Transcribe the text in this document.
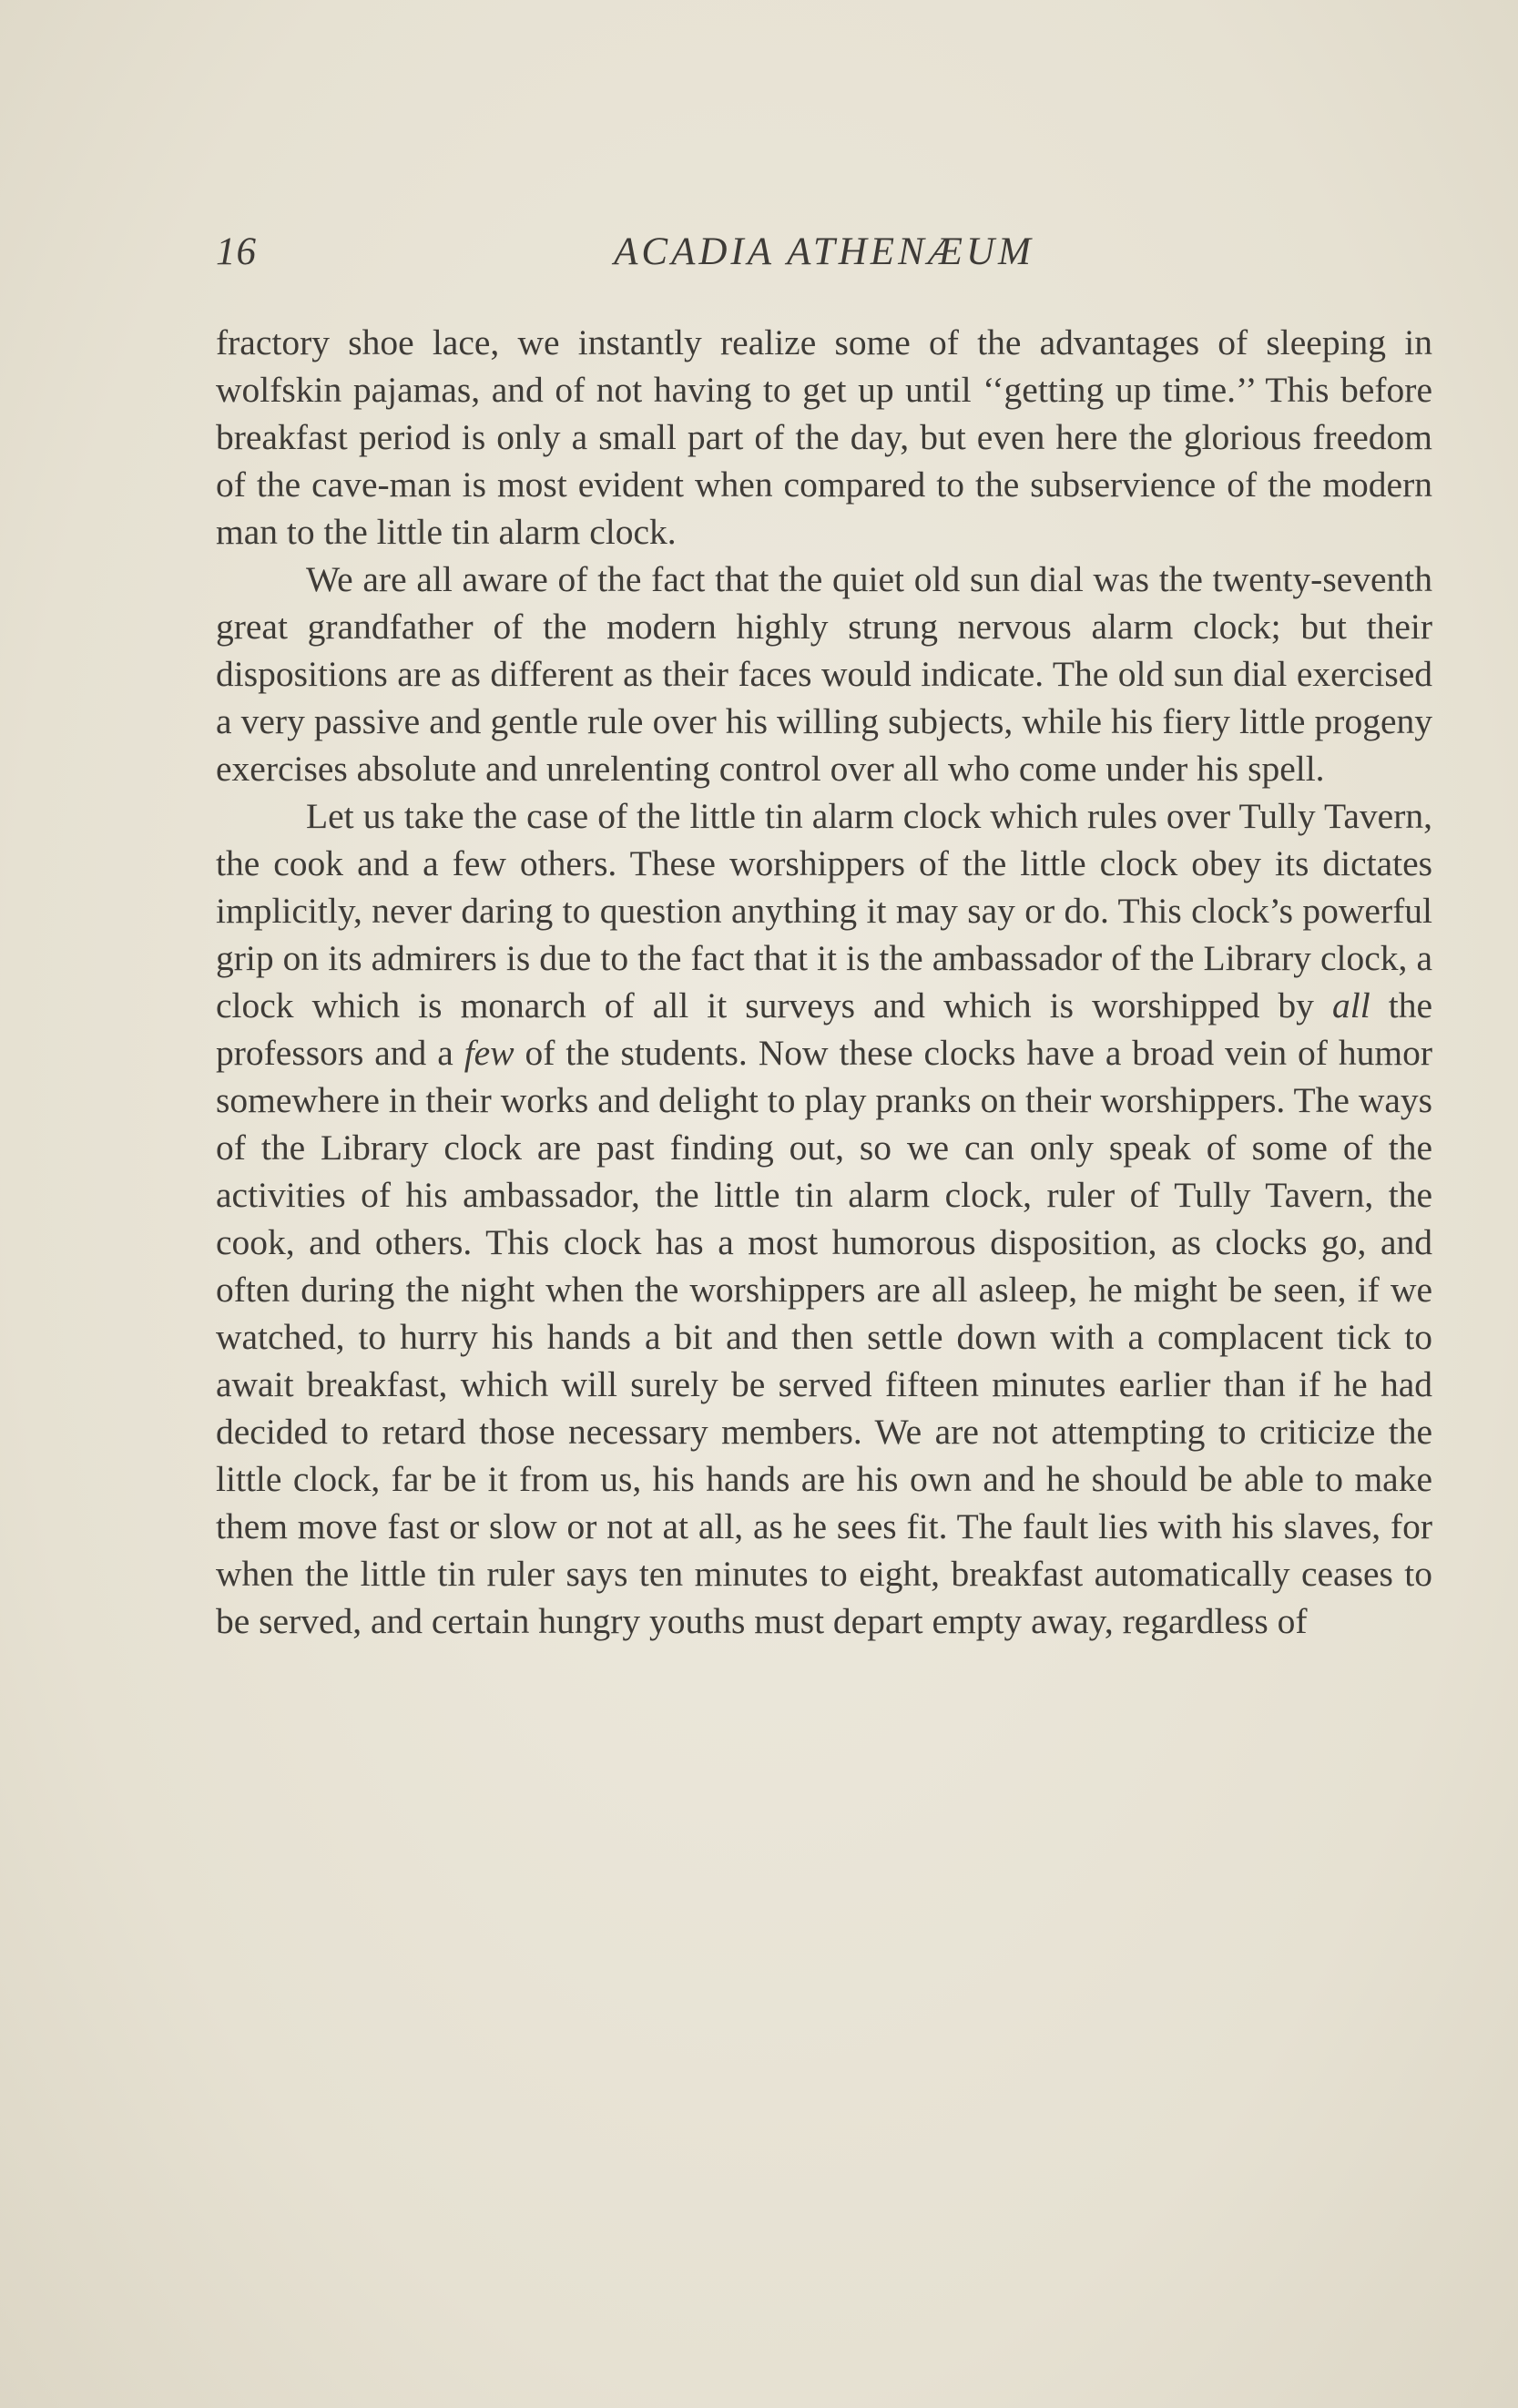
16	ACADIA ATHENÆUM

fractory shoe lace, we instantly realize some of the advantages of sleeping in wolfskin pajamas, and of not having to get up until ‘‘getting up time.’’ This before breakfast period is only a small part of the day, but even here the glorious freedom of the cave-man is most evident when compared to the subservience of the modern man to the little tin alarm clock.

We are all aware of the fact that the quiet old sun dial was the twenty-seventh great grandfather of the modern highly strung nervous alarm clock; but their dispositions are as different as their faces would indicate. The old sun dial exercised a very passive and gentle rule over his willing subjects, while his fiery little progeny exercises absolute and unrelenting control over all who come under his spell.

Let us take the case of the little tin alarm clock which rules over Tully Tavern, the cook and a few others. These worshippers of the little clock obey its dictates implicitly, never daring to question anything it may say or do. This clock’s powerful grip on its admirers is due to the fact that it is the ambassador of the Library clock, a clock which is monarch of all it surveys and which is worshipped by all the professors and a few of the students. Now these clocks have a broad vein of humor somewhere in their works and delight to play pranks on their worshippers. The ways of the Library clock are past finding out, so we can only speak of some of the activities of his ambassador, the little tin alarm clock, ruler of Tully Tavern, the cook, and others. This clock has a most humorous disposition, as clocks go, and often during the night when the worshippers are all asleep, he might be seen, if we watched, to hurry his hands a bit and then settle down with a complacent tick to await breakfast, which will surely be served fifteen minutes earlier than if he had decided to retard those necessary members. We are not attempting to criticize the little clock, far be it from us, his hands are his own and he should be able to make them move fast or slow or not at all, as he sees fit. The fault lies with his slaves, for when the little tin ruler says ten minutes to eight, breakfast automatically ceases to be served, and certain hungry youths must depart empty away, regardless of
